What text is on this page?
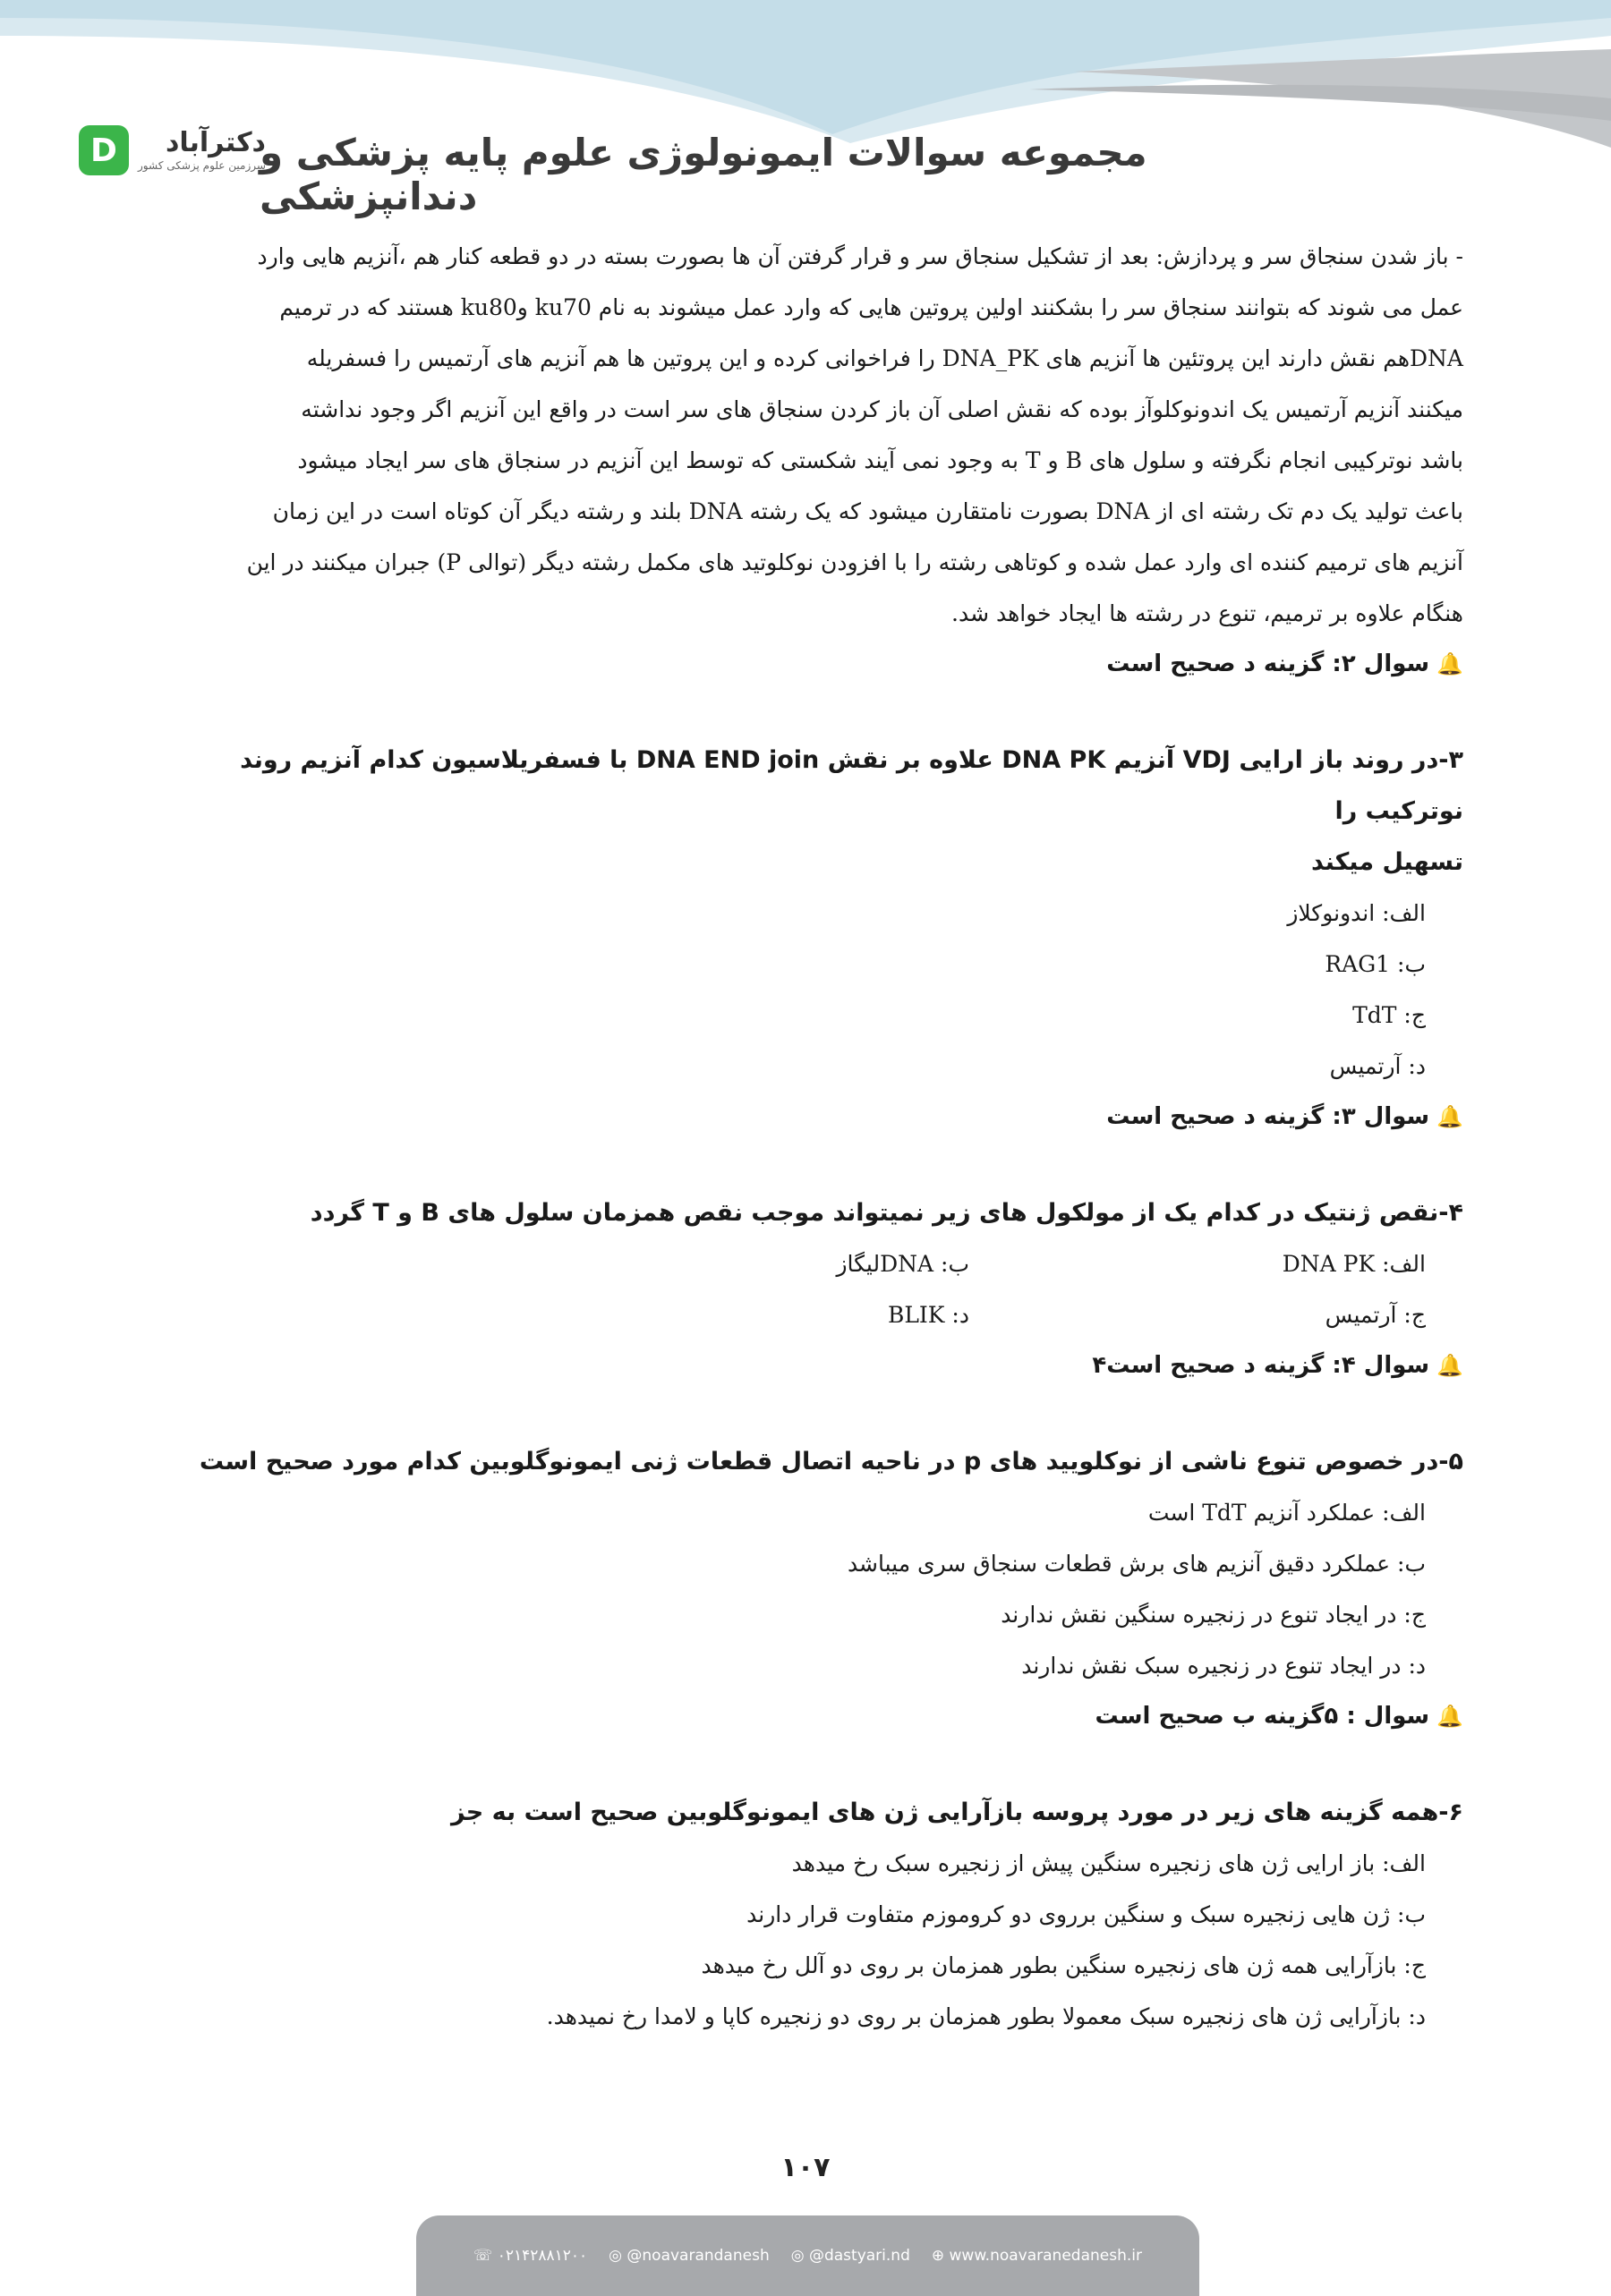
D	دکترآباد
سرزمین علوم پزشکی کشور
مجموعه سوالات ایمونولوژی علوم پایه پزشکی و دندانپزشکی
- باز شدن سنجاق سر و پردازش: بعد از تشکیل سنجاق سر و قرار گرفتن آن ها بصورت بسته در دو قطعه کنار هم ،آنزیم هایی وارد
عمل می شوند که بتوانند سنجاق سر را بشکنند اولین پروتین هایی که وارد عمل میشوند به نام ku70 وku80 هستند که در ترمیم
DNAهم نقش دارند این پروتئین ها آنزیم های DNA_PK را فراخوانی کرده و این پروتین ها هم آنزیم های آرتمیس را فسفریله
میکنند آنزیم آرتمیس یک اندونوکلوآز بوده که نقش اصلی آن باز کردن سنجاق های سر است در واقع این آنزیم اگر وجود نداشته
باشد نوترکیبی انجام نگرفته و سلول های B و T به وجود نمی آیند شکستی که توسط این آنزیم در سنجاق های سر ایجاد میشود
باعث تولید یک دم تک رشته ای از DNA بصورت نامتقارن میشود که یک رشته DNA بلند و رشته دیگر آن کوتاه است در این زمان
آنزیم های ترمیم کننده ای وارد عمل شده و کوتاهی رشته را با افزودن نوکلوتید های مکمل رشته دیگر (توالی P) جبران میکنند در این
هنگام علاوه بر ترمیم، تنوع در رشته ها ایجاد خواهد شد.
🔔سوال ۲: گزینه د صحیح است
۳-در روند باز ارایی VDJ آنزیم DNA PK علاوه بر نقش DNA END join با فسفریلاسیون کدام آنزیم روند نوترکیب را
تسهیل میکند
الف: اندونوکلاز
ب: RAG1
ج: TdT
د: آرتمیس
🔔سوال ۳: گزینه د صحیح است
۴-نقص ژنتیک در کدام یک از مولکول های زیر نمیتواند موجب نقص همزمان سلول های B و T گردد
الف: DNA PK
ب: DNAلیگاز
ج: آرتمیس
د: BLIK
🔔سوال ۴: گزینه د صحیح است۴
۵-در خصوص تنوع ناشی از نوکلویید های p در ناحیه اتصال قطعات ژنی ایمونوگلوبین کدام مورد صحیح است
الف: عملکرد آنزیم TdT است
ب: عملکرد دقیق آنزیم های برش قطعات سنجاق سری میباشد
ج: در ایجاد تنوع در زنجیره سنگین نقش ندارند
د: در ایجاد تنوع در زنجیره سبک نقش ندارند
🔔سوال : ۵گزینه ب صحیح است
۶-همه گزینه های زیر در مورد پروسه بازآرایی ژن های ایمونوگلوبین صحیح است به جز
الف: باز ارایی ژن های زنجیره سنگین پیش از زنجیره سبک رخ میدهد
ب: ژن هایی زنجیره سبک و سنگین برروی دو کروموزم متفاوت قرار دارند
ج: بازآرایی همه ژن های زنجیره سنگین بطور همزمان بر روی دو آلل رخ میدهد
د: بازآرایی ژن های زنجیره سبک معمولا بطور همزمان بر روی دو زنجیره کاپا و لامدا رخ نمیدهد.
۱۰۷
☏ ۰۲۱۴۲۸۸۱۲۰۰ ◎ @noavarandanesh ◎ @dastyari.nd ⊕ www.noavaranedanesh.ir
